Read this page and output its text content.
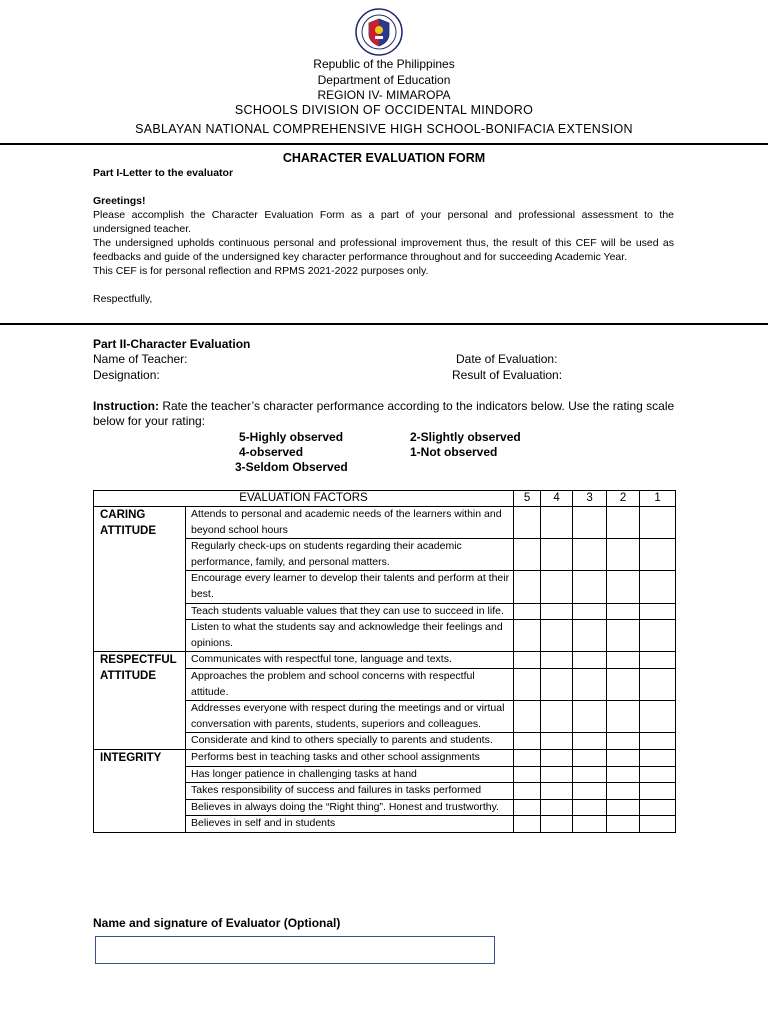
Republic of the Philippines
Department of Education
REGION IV- MIMAROPA
SCHOOLS DIVISION OF OCCIDENTAL MINDORO
SABLAYAN NATIONAL COMPREHENSIVE HIGH SCHOOL-BONIFACIA EXTENSION
CHARACTER EVALUATION FORM
Part I-Letter to the evaluator
Greetings!
Please accomplish the Character Evaluation Form as a part of your personal and professional assessment to the undersigned teacher.
The undersigned upholds continuous personal and professional improvement thus, the result of this CEF will be used as feedbacks and guide of the undersigned key character performance throughout and for succeeding Academic Year.
This CEF is for personal reflection and RPMS 2021-2022 purposes only.
Respectfully,
Part II-Character Evaluation
Name of Teacher:
Designation:
Date of Evaluation:
Result of Evaluation:
Instruction: Rate the teacher’s character performance according to the indicators below. Use the rating scale below for your rating:
5-Highly observed
4-observed
3-Seldom Observed
2-Slightly observed
1-Not observed
EVALUATION FACTORS		5	4	3	2	1
CARING ATTITUDE	Attends to personal and academic needs of the learners within and beyond school hours					
	Regularly check-ups on students regarding their academic performance, family, and personal matters.					
	Encourage every learner to develop their talents and perform at their best.					
	Teach students valuable values that they can use to succeed in life.					
	Listen to what the students say and acknowledge their feelings and opinions.					
RESPECTFUL ATTITUDE	Communicates with respectful tone, language and texts.					
	Approaches the problem and school concerns with respectful attitude.					
	Addresses everyone with respect during the meetings and or virtual conversation with parents, students, superiors and colleagues.					
	Considerate and kind to others specially to parents and students.					
INTEGRITY	Performs best in teaching tasks and other school assignments					
	Has longer patience in challenging tasks at hand					
	Takes responsibility of success and failures in tasks performed					
	Believes in always doing the “Right thing”. Honest and trustworthy.					
	Believes in self and in students					
Name and signature of Evaluator (Optional)
